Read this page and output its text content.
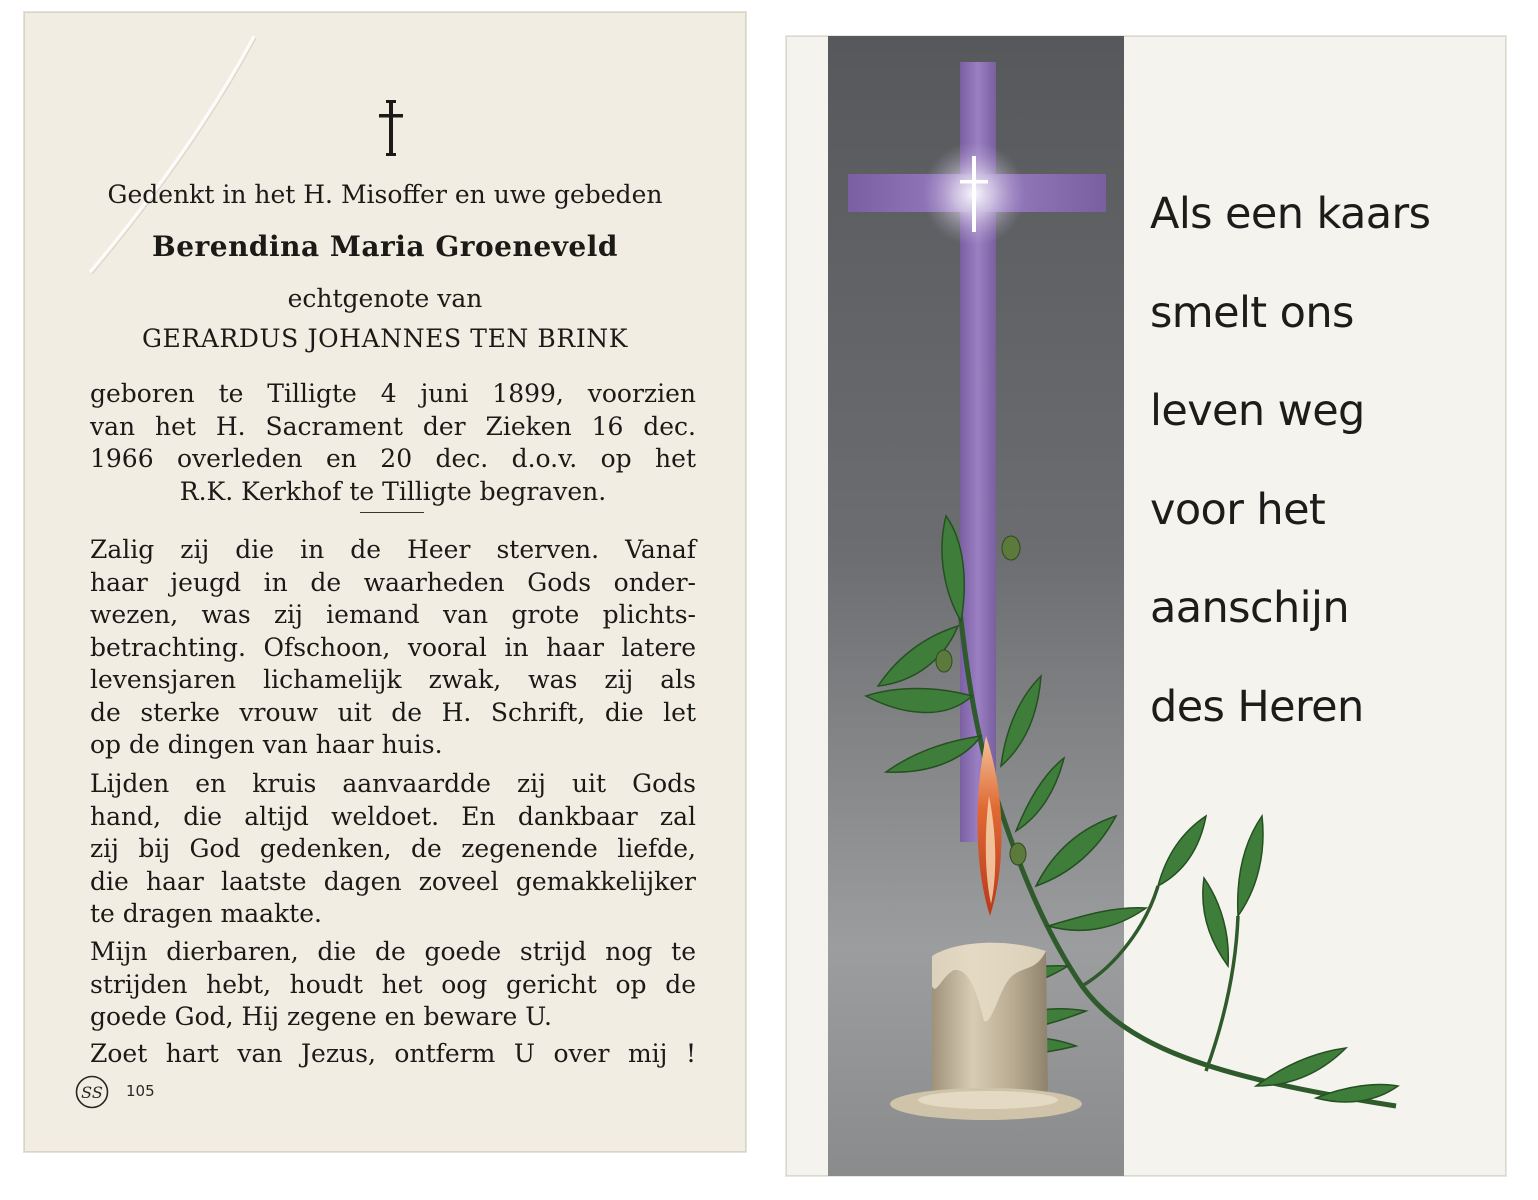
Gedenkt in het H. Misoffer en uwe gebeden
Berendina Maria Groeneveld
echtgenote van
GERARDUS JOHANNES TEN BRINK
geboren te Tilligte 4 juni 1899, voorzien
van het H. Sacrament der Zieken 16 dec.
1966 overleden en 20 dec. d.o.v. op het
R.K. Kerkhof te Tilligte begraven.
Zalig zij die in de Heer sterven. Vanaf
haar jeugd in de waarheden Gods onder-
wezen, was zij iemand van grote plichts-
betrachting. Ofschoon, vooral in haar latere
levensjaren lichamelijk zwak, was zij als
de sterke vrouw uit de H. Schrift, die let
op de dingen van haar huis.
Lijden en kruis aanvaardde zij uit Gods
hand, die altijd weldoet. En dankbaar zal
zij bij God gedenken, de zegenende liefde,
die haar laatste dagen zoveel gemakkelijker
te dragen maakte.
Mijn dierbaren, die de goede strijd nog te
strijden hebt, houdt het oog gericht op de
goede God, Hij zegene en beware U.
Zoet hart van Jezus, ontferm U over mij !
SS 105
Als een kaars
smelt ons
leven weg
voor het
aanschijn
des Heren
